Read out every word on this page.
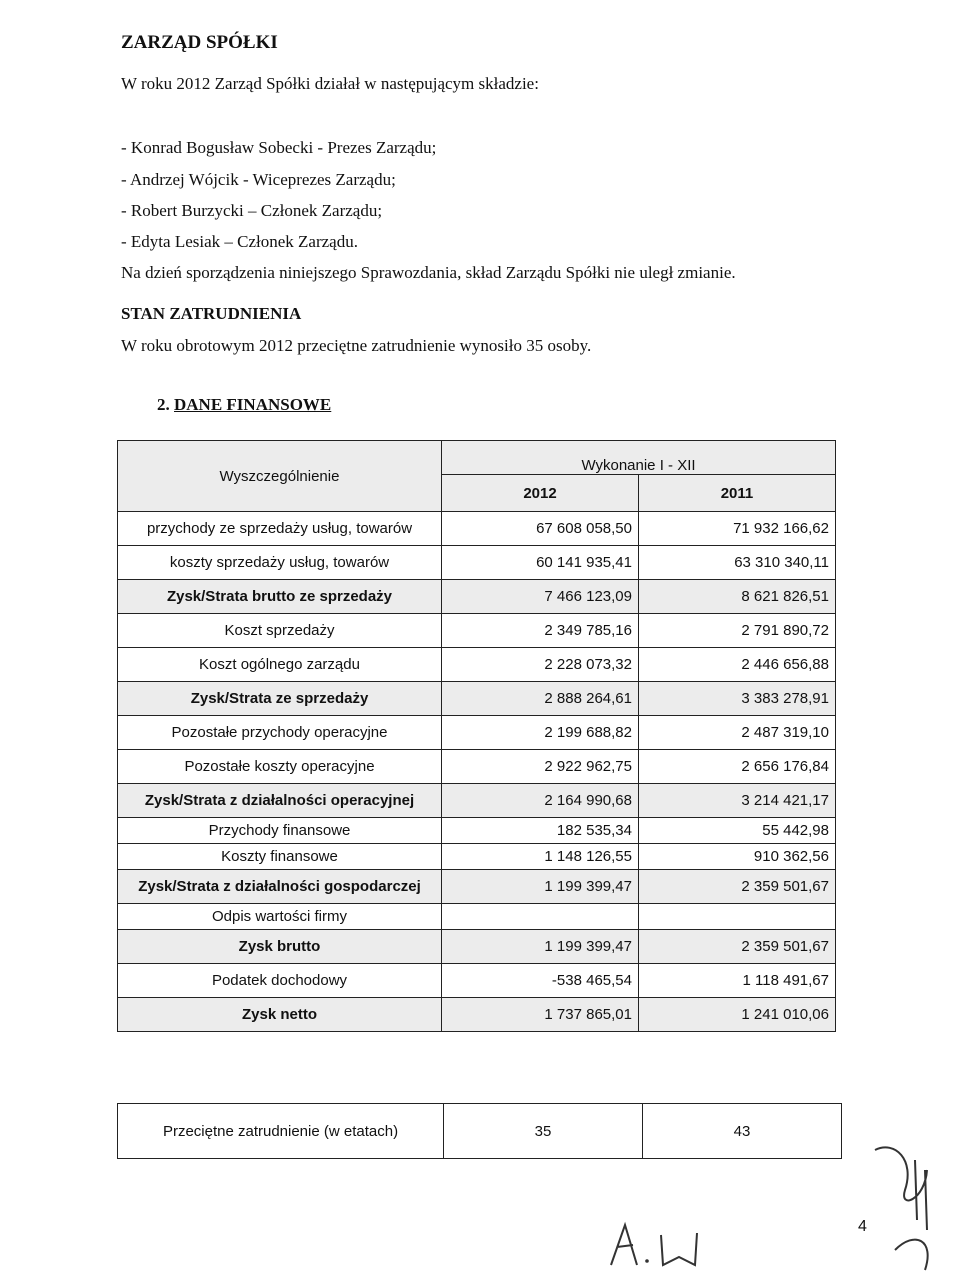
ZARZĄD SPÓŁKI
W roku 2012 Zarząd Spółki działał w następującym składzie:
- Konrad Bogusław Sobecki - Prezes Zarządu;
- Andrzej Wójcik - Wiceprezes Zarządu;
- Robert Burzycki – Członek Zarządu;
- Edyta Lesiak – Członek Zarządu.
Na dzień sporządzenia niniejszego Sprawozdania, skład Zarządu Spółki nie uległ zmianie.
STAN ZATRUDNIENIA
W roku obrotowym 2012 przeciętne zatrudnienie wynosiło 35 osoby.
2. DANE FINANSOWE
Wyszczególnienie	Wykonanie I - XII	
	2012	2011
przychody ze sprzedaży usług, towarów	67 608 058,50	71 932 166,62
koszty sprzedaży usług, towarów	60 141 935,41	63 310 340,11
Zysk/Strata brutto ze sprzedaży	7 466 123,09	8 621 826,51
Koszt sprzedaży	2 349 785,16	2 791 890,72
Koszt ogólnego zarządu	2 228 073,32	2 446 656,88
Zysk/Strata ze sprzedaży	2 888 264,61	3 383 278,91
Pozostałe przychody operacyjne	2 199 688,82	2 487 319,10
Pozostałe koszty operacyjne	2 922 962,75	2 656 176,84
Zysk/Strata z działalności operacyjnej	2 164 990,68	3 214 421,17
Przychody finansowe	182 535,34	55 442,98
Koszty finansowe	1 148 126,55	910 362,56
Zysk/Strata z działalności gospodarczej	1 199 399,47	2 359 501,67
Odpis wartości firmy		
Zysk brutto	1 199 399,47	2 359 501,67
Podatek dochodowy	-538 465,54	1 118 491,67
Zysk netto	1 737 865,01	1 241 010,06
Przeciętne zatrudnienie (w etatach)	35	43
4
